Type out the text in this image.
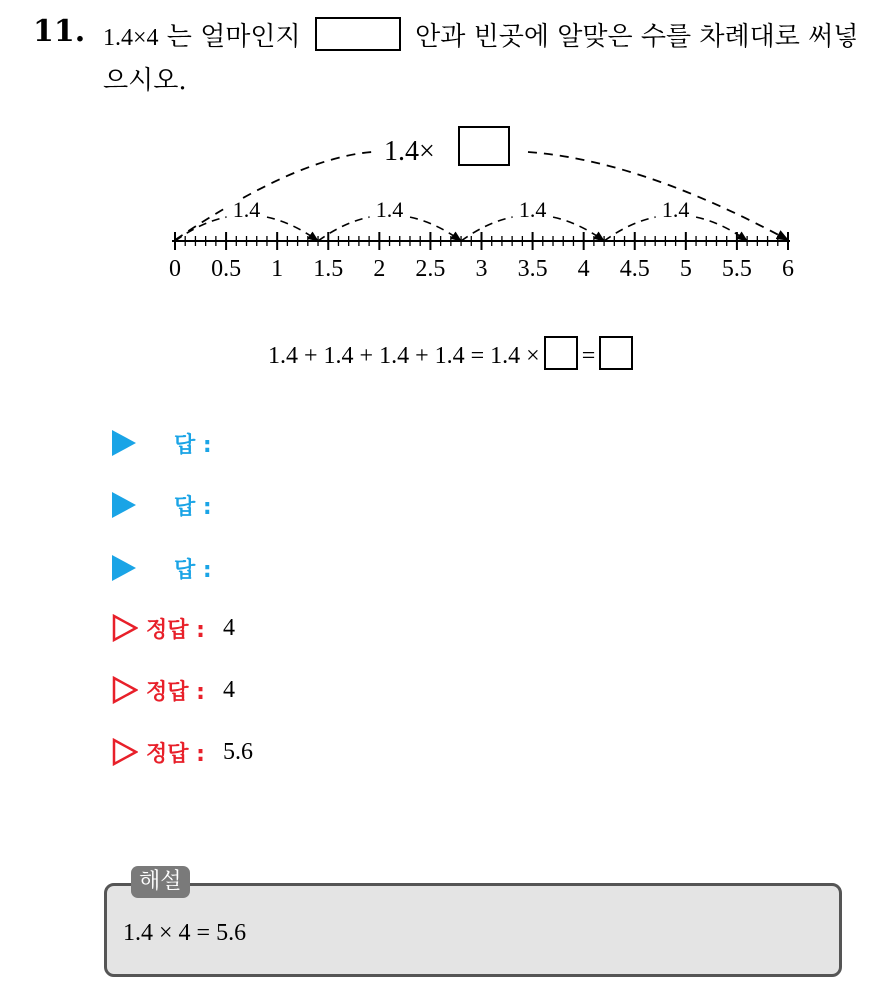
11. 1.4×4 는 얼마인지	안과 빈곳에 알맞은 수를 차례대로 써넣
으시오.
0 0.5 1 1.5 2 2.5 3 3.5 4 4.5 5 5.5 6
1.4×
1.4	1.4	1.4	1.4
1.4 + 1.4 + 1.4 + 1.4 = 1.4 × =
답 :
답 :
답 :
정답 : 4
정답 : 4
정답 : 5.6
해설
1.4 × 4 = 5.6
